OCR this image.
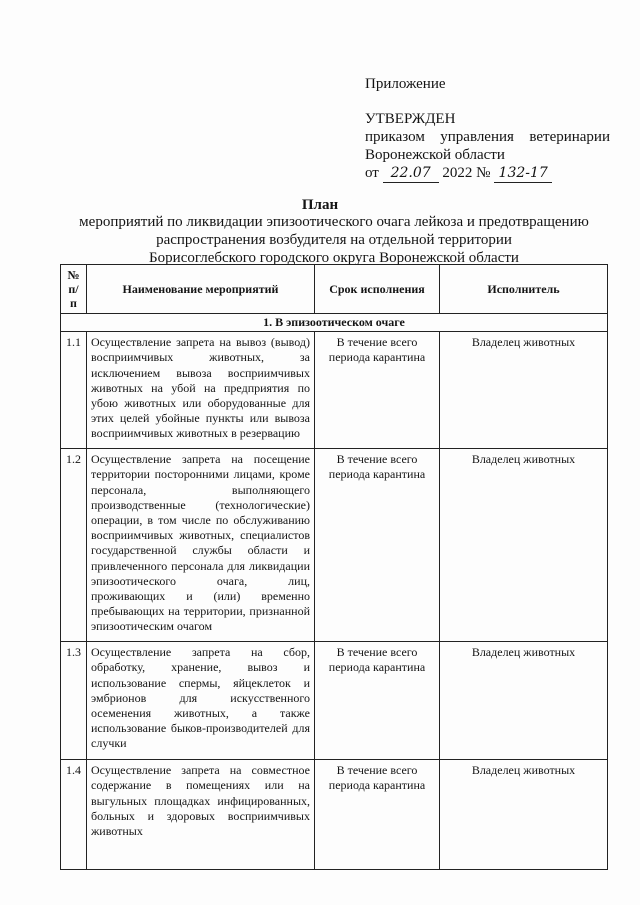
Приложение
УТВЕРЖДЕН
приказом управления ветеринарии
Воронежской области
от 22.07 2022 № 132-17
План
мероприятий по ликвидации эпизоотического очага лейкоза и предотвращению
распространения возбудителя на отдельной территории
Борисоглебского городского округа Воронежской области
№ п/п	Наименование мероприятий	Срок исполнения	Исполнитель
1. В эпизоотическом очаге			
1.1	Осуществление запрета на вывоз (вывод) восприимчивых животных, за исключением вывоза восприимчивых животных на убой на предприятия по убою животных или оборудованные для этих целей убойные пункты или вывоза восприимчивых животных в резервацию	В течение всего периода карантина	Владелец животных
1.2	Осуществление запрета на посещение территории посторонними лицами, кроме персонала, выполняющего производственные (технологические) операции, в том числе по обслуживанию восприимчивых животных, специалистов государственной службы области и привлеченного персонала для ликвидации эпизоотического очага, лиц, проживающих и (или) временно пребывающих на территории, признанной эпизоотическим очагом	В течение всего периода карантина	Владелец животных
1.3	Осуществление запрета на сбор, обработку, хранение, вывоз и использование спермы, яйцеклеток и эмбрионов для искусственного осеменения животных, а также использование быков-производителей для случки	В течение всего периода карантина	Владелец животных
1.4	Осуществление запрета на совместное содержание в помещениях или на выгульных площадках инфицированных, больных и здоровых восприимчивых животных	В течение всего периода карантина	Владелец животных
